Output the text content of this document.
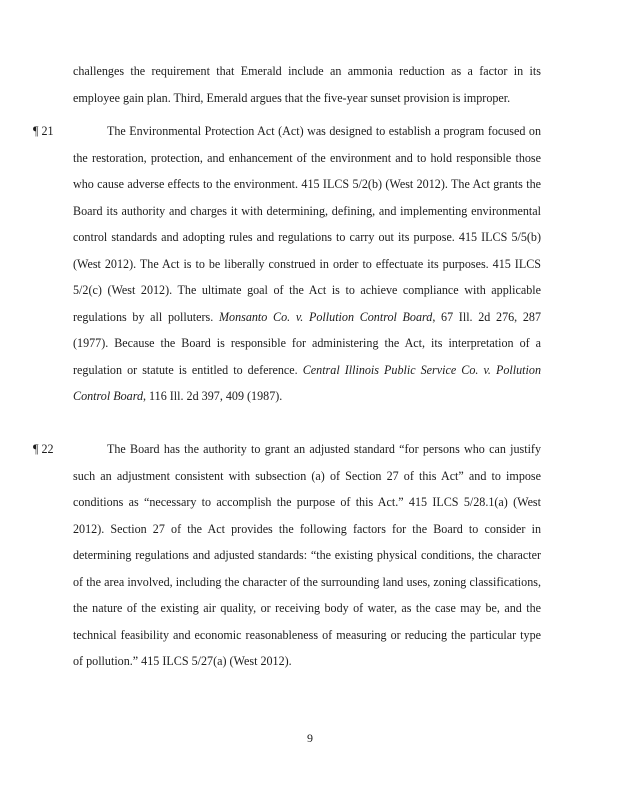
challenges the requirement that Emerald include an ammonia reduction as a factor in its employee gain plan. Third, Emerald argues that the five-year sunset provision is improper.

¶ 21	The Environmental Protection Act (Act) was designed to establish a program focused on the restoration, protection, and enhancement of the environment and to hold responsible those who cause adverse effects to the environment. 415 ILCS 5/2(b) (West 2012). The Act grants the Board its authority and charges it with determining, defining, and implementing environmental control standards and adopting rules and regulations to carry out its purpose. 415 ILCS 5/5(b) (West 2012). The Act is to be liberally construed in order to effectuate its purposes. 415 ILCS 5/2(c) (West 2012). The ultimate goal of the Act is to achieve compliance with applicable regulations by all polluters. Monsanto Co. v. Pollution Control Board, 67 Ill. 2d 276, 287 (1977). Because the Board is responsible for administering the Act, its interpretation of a regulation or statute is entitled to deference. Central Illinois Public Service Co. v. Pollution Control Board, 116 Ill. 2d 397, 409 (1987).

¶ 22	The Board has the authority to grant an adjusted standard “for persons who can justify such an adjustment consistent with subsection (a) of Section 27 of this Act” and to impose conditions as “necessary to accomplish the purpose of this Act.” 415 ILCS 5/28.1(a) (West 2012). Section 27 of the Act provides the following factors for the Board to consider in determining regulations and adjusted standards: “the existing physical conditions, the character of the area involved, including the character of the surrounding land uses, zoning classifications, the nature of the existing air quality, or receiving body of water, as the case may be, and the technical feasibility and economic reasonableness of measuring or reducing the particular type of pollution.” 415 ILCS 5/27(a) (West 2012).

9
